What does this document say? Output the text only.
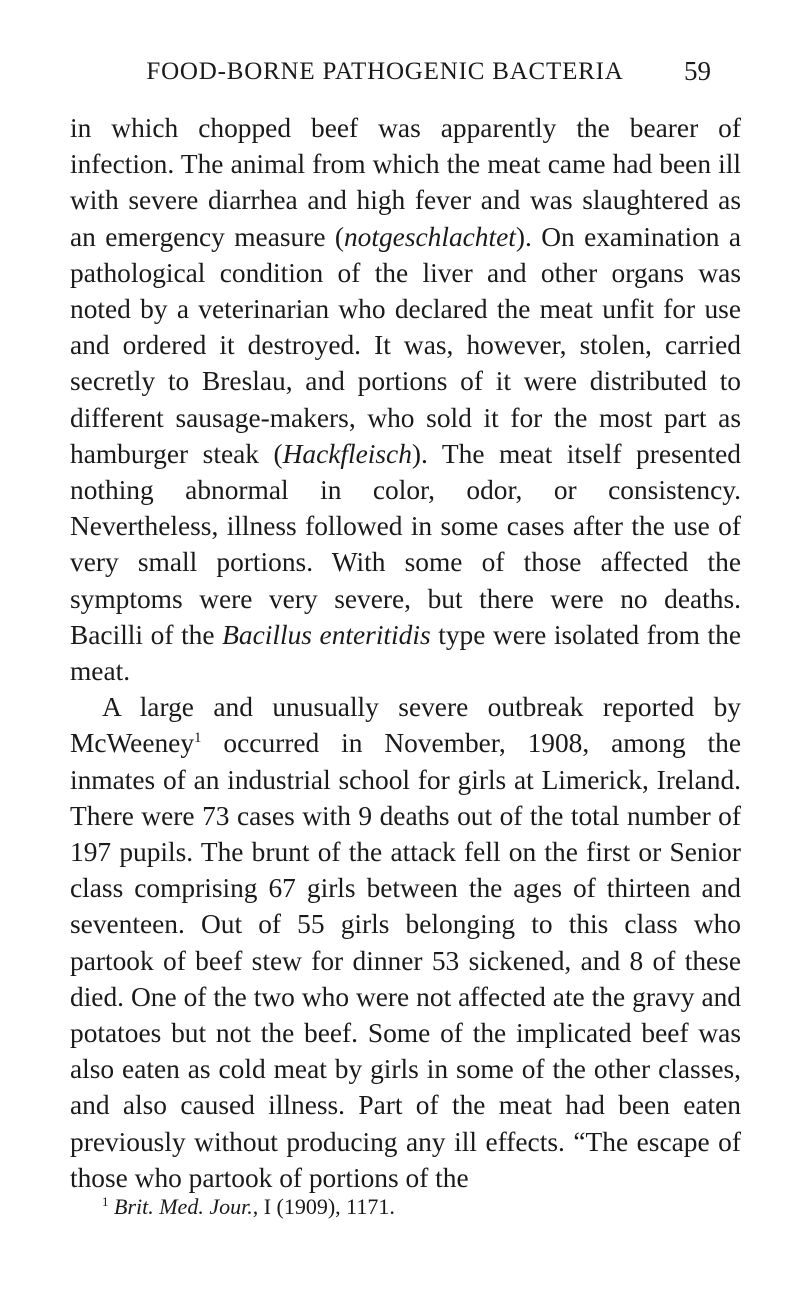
FOOD-BORNE PATHOGENIC BACTERIA 59

in which chopped beef was apparently the bearer of infection. The animal from which the meat came had been ill with severe diarrhea and high fever and was slaughtered as an emergency measure (notgeschlachtet). On examination a pathological condition of the liver and other organs was noted by a veterinarian who declared the meat unfit for use and ordered it destroyed. It was, however, stolen, carried secretly to Breslau, and portions of it were distributed to different sausage-makers, who sold it for the most part as hamburger steak (Hackfleisch). The meat itself presented nothing abnormal in color, odor, or consistency. Nevertheless, illness followed in some cases after the use of very small portions. With some of those affected the symptoms were very severe, but there were no deaths. Bacilli of the Bacillus enteritidis type were isolated from the meat.

A large and unusually severe outbreak reported by McWeeney$^1$ occurred in November, 1908, among the inmates of an industrial school for girls at Limerick, Ireland. There were 73 cases with 9 deaths out of the total number of 197 pupils. The brunt of the attack fell on the first or Senior class comprising 67 girls between the ages of thirteen and seventeen. Out of 55 girls belonging to this class who partook of beef stew for dinner 53 sickened, and 8 of these died. One of the two who were not affected ate the gravy and potatoes but not the beef. Some of the implicated beef was also eaten as cold meat by girls in some of the other classes, and also caused illness. Part of the meat had been eaten previously without producing any ill effects. “The escape of those who partook of portions of the

$^1$ Brit. Med. Jour., I (1909), 1171.
